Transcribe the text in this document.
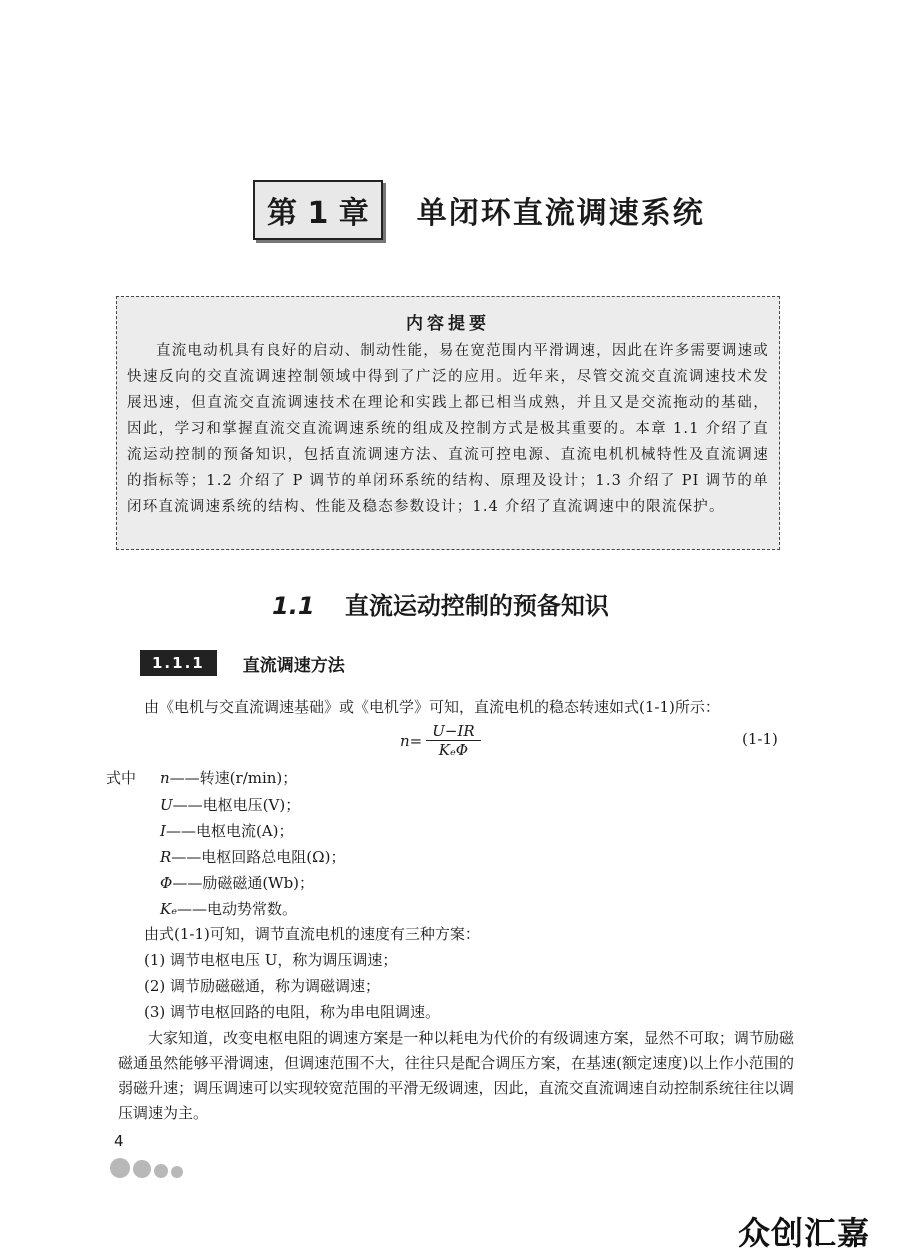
第 1 章	单闭环直流调速系统
内容提要
直流电动机具有良好的启动、制动性能，易在宽范围内平滑调速，因此在许多需要调速或快速反向的交直流调速控制领域中得到了广泛的应用。近年来，尽管交流交直流调速技术发展迅速，但直流交直流调速技术在理论和实践上都已相当成熟，并且又是交流拖动的基础，因此，学习和掌握直流交直流调速系统的组成及控制方式是极其重要的。本章 1.1 介绍了直流运动控制的预备知识，包括直流调速方法、直流可控电源、直流电机机械特性及直流调速的指标等；1.2 介绍了 P 调节的单闭环系统的结构、原理及设计；1.3 介绍了 PI 调节的单闭环直流调速系统的结构、性能及稳态参数设计；1.4 介绍了直流调速中的限流保护。
1.1 直流运动控制的预备知识
1.1.1	直流调速方法
由《电机与交直流调速基础》或《电机学》可知，直流电机的稳态转速如式(1-1)所示：
$n= \frac{U-IR}{\text{KₑΦ}}$	(1-1)
式中 n——转速(r/min)；
U——电枢电压(V)；
I——电枢电流(A)；
R——电枢回路总电阻(Ω)；
Φ——励磁磁通(Wb)；
Kₑ——电动势常数。
由式(1-1)可知，调节直流电机的速度有三种方案：
(1) 调节电枢电压 U，称为调压调速；
(2) 调节励磁磁通，称为调磁调速；
(3) 调节电枢回路的电阻，称为串电阻调速。
大家知道，改变电枢电阻的调速方案是一种以耗电为代价的有级调速方案，显然不可取；调节励磁磁通虽然能够平滑调速，但调速范围不大，往往只是配合调压方案，在基速(额定速度)以上作小范围的弱磁升速；调压调速可以实现较宽范围的平滑无级调速，因此，直流交直流调速自动控制系统往往以调压调速为主。
4
众创汇嘉
